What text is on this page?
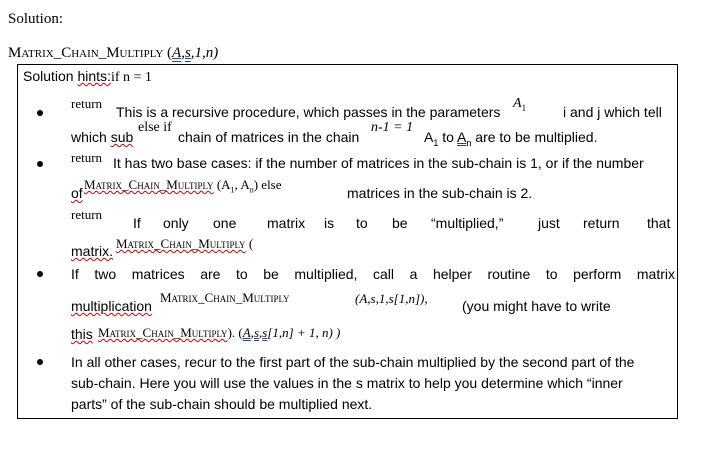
Solution:
Matrix_Chain_Multiply (A,s,1,n)
Solution hints:if n = 1
return
This is a recursive procedure, which passes in the parameters
$A_1$	i and j which tell
which sub
else if
chain of matrices in the chain
n-1 = 1
$A_1$ to $A_n$ are to be multiplied.
return It has two base cases: if the number of matrices in the sub-chain is 1, or if the number
of
Matrix_Chain_Multiply ($A_1$, $A_n$) else
matrices in the sub-chain is 2.
return
If only one matrix is to be “multiplied,” just return that
matrix. Matrix_Chain_Multiply (
If two matrices are to be multiplied, call a helper routine to perform matrix
multiplication
Matrix_Chain_Multiply	(A,s,1,s[1,n]), (you might have to write
this Matrix_Chain_Multiply). (A,s,s[1,n] + 1, n) )
In all other cases, recur to the first part of the sub-chain multiplied by the second part of the
sub-chain. Here you will use the values in the s matrix to help you determine which “inner
parts” of the sub-chain should be multiplied next.
